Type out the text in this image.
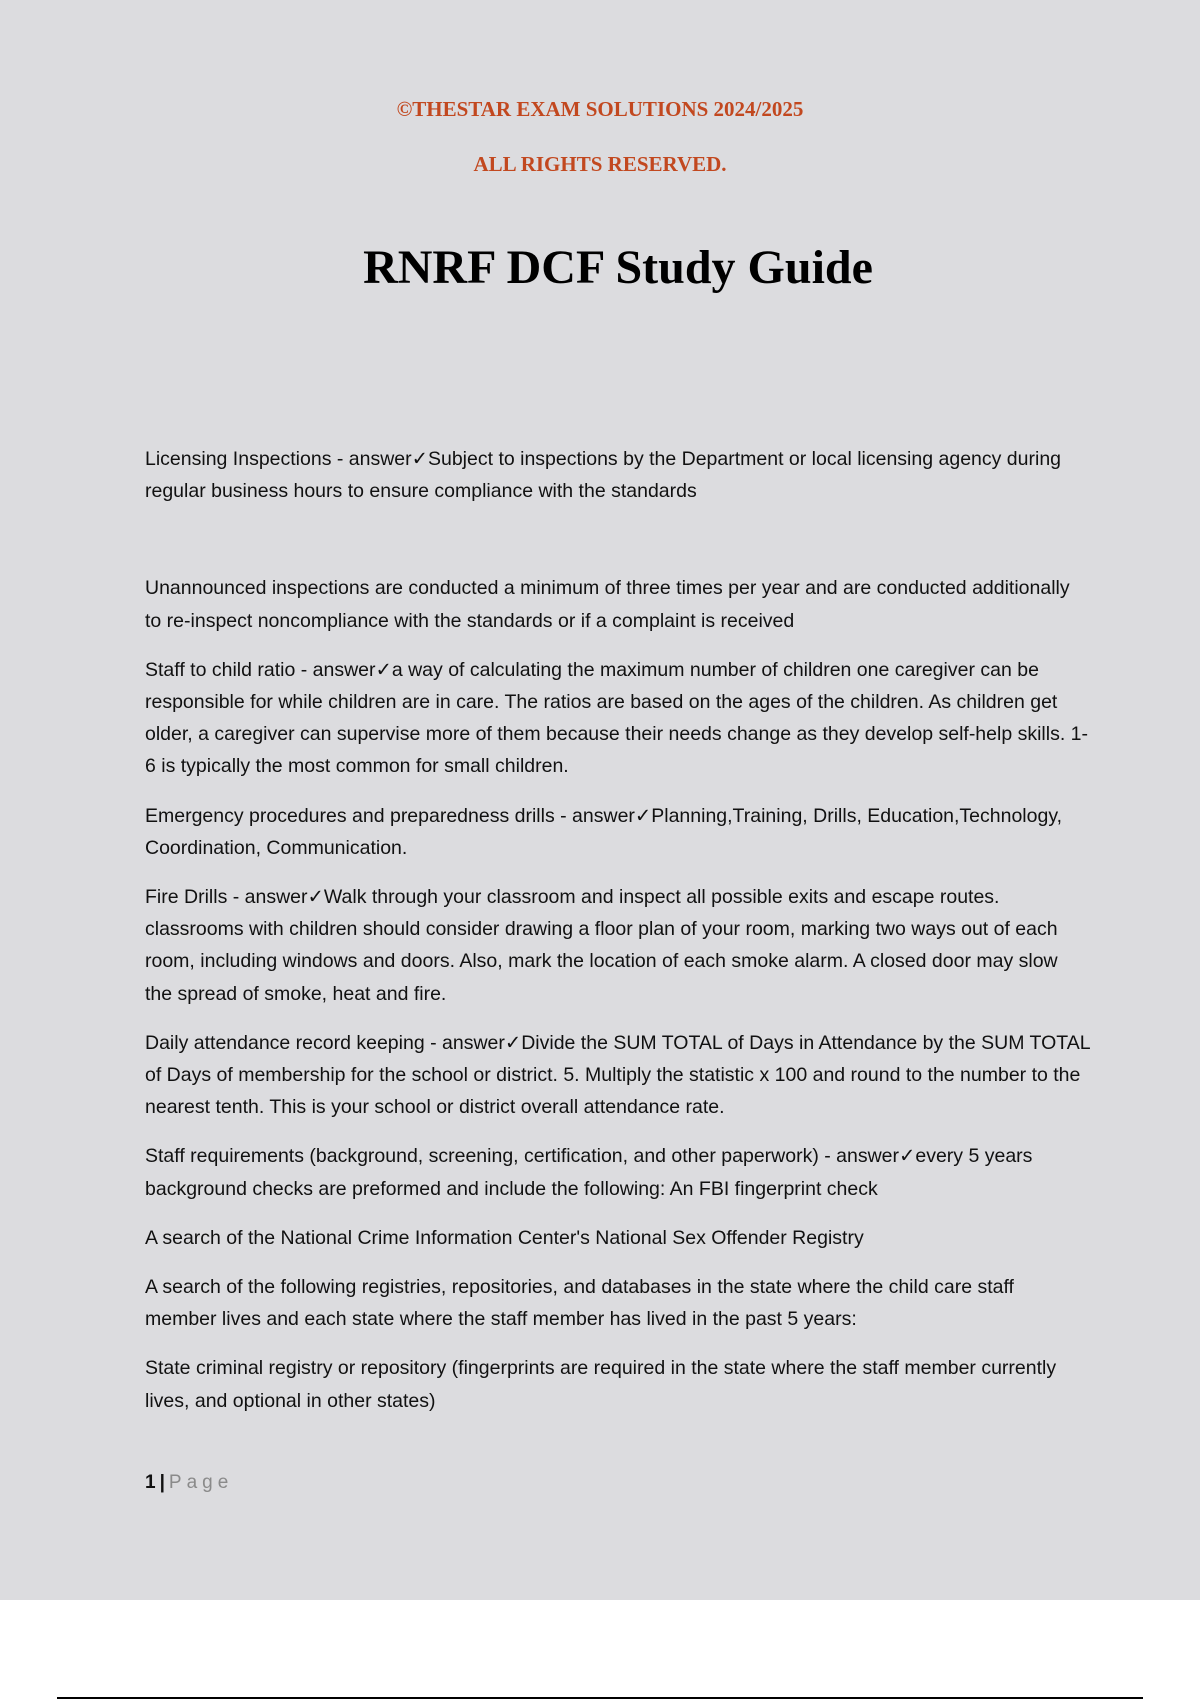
©THESTAR EXAM SOLUTIONS 2024/2025

ALL RIGHTS RESERVED.

RNRF DCF Study Guide

Licensing Inspections - answer✓Subject to inspections by the Department or local licensing agency during regular business hours to ensure compliance with the standards

Unannounced inspections are conducted a minimum of three times per year and are conducted additionally to re-inspect noncompliance with the standards or if a complaint is received

Staff to child ratio - answer✓a way of calculating the maximum number of children one caregiver can be responsible for while children are in care. The ratios are based on the ages of the children. As children get older, a caregiver can supervise more of them because their needs change as they develop self-help skills. 1-6 is typically the most common for small children.

Emergency procedures and preparedness drills - answer✓Planning,Training, Drills, Education,Technology, Coordination, Communication.

Fire Drills - answer✓Walk through your classroom and inspect all possible exits and escape routes. classrooms with children should consider drawing a floor plan of your room, marking two ways out of each room, including windows and doors. Also, mark the location of each smoke alarm. A closed door may slow the spread of smoke, heat and fire.

Daily attendance record keeping - answer✓Divide the SUM TOTAL of Days in Attendance by the SUM TOTAL of Days of membership for the school or district. 5. Multiply the statistic x 100 and round to the number to the nearest tenth. This is your school or district overall attendance rate.

Staff requirements (background, screening, certification, and other paperwork) - answer✓every 5 years background checks are preformed and include the following: An FBI fingerprint check

A search of the National Crime Information Center's National Sex Offender Registry

A search of the following registries, repositories, and databases in the state where the child care staff member lives and each state where the staff member has lived in the past 5 years:

State criminal registry or repository (fingerprints are required in the state where the staff member currently lives, and optional in other states)

1 | Page
